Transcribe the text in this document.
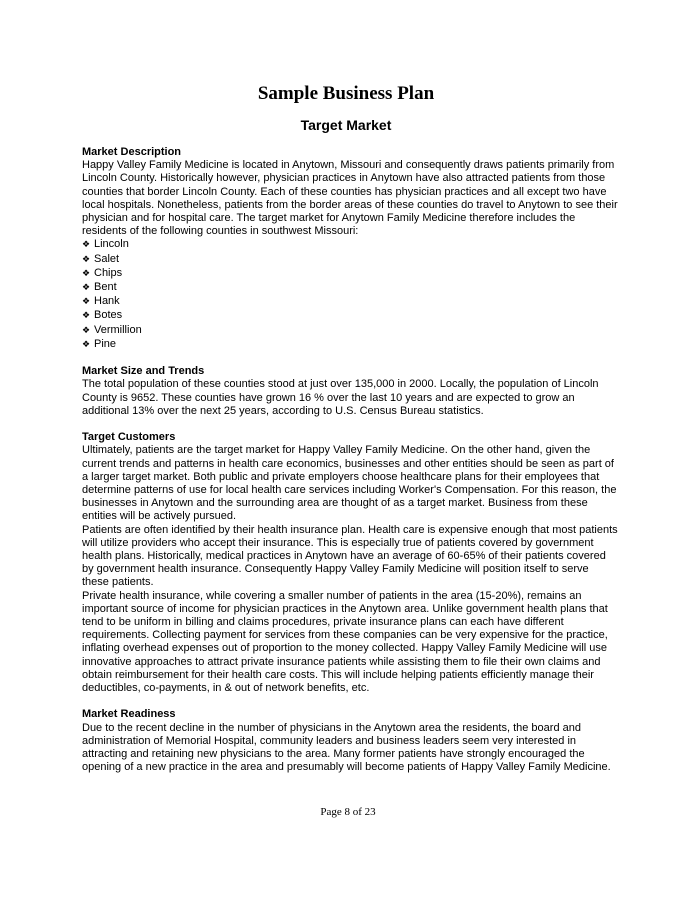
Sample Business Plan
Target Market
Market Description

Happy Valley Family Medicine is located in Anytown, Missouri and consequently draws patients primarily from Lincoln County. Historically however, physician practices in Anytown have also attracted patients from those counties that border Lincoln County. Each of these counties has physician practices and all except two have local hospitals. Nonetheless, patients from the border areas of these counties do travel to Anytown to see their physician and for hospital care. The target market for Anytown Family Medicine therefore includes the residents of the following counties in southwest Missouri:

❖ Lincoln
❖ Salet
❖ Chips
❖ Bent
❖ Hank
❖ Botes
❖ Vermillion
❖ Pine
Market Size and Trends

The total population of these counties stood at just over 135,000 in 2000. Locally, the population of Lincoln County is 9652. These counties have grown 16 % over the last 10 years and are expected to grow an additional 13% over the next 25 years, according to U.S. Census Bureau statistics.

Target Customers

Ultimately, patients are the target market for Happy Valley Family Medicine. On the other hand, given the current trends and patterns in health care economics, businesses and other entities should be seen as part of a larger target market. Both public and private employers choose healthcare plans for their employees that determine patterns of use for local health care services including Worker's Compensation. For this reason, the businesses in Anytown and the surrounding area are thought of as a target market. Business from these entities will be actively pursued.

Patients are often identified by their health insurance plan. Health care is expensive enough that most patients will utilize providers who accept their insurance. This is especially true of patients covered by government health plans. Historically, medical practices in Anytown have an average of 60-65% of their patients covered by government health insurance. Consequently Happy Valley Family Medicine will position itself to serve these patients.

Private health insurance, while covering a smaller number of patients in the area (15-20%), remains an important source of income for physician practices in the Anytown area. Unlike government health plans that tend to be uniform in billing and claims procedures, private insurance plans can each have different requirements. Collecting payment for services from these companies can be very expensive for the practice, inflating overhead expenses out of proportion to the money collected. Happy Valley Family Medicine will use innovative approaches to attract private insurance patients while assisting them to file their own claims and obtain reimbursement for their health care costs. This will include helping patients efficiently manage their deductibles, co-payments, in & out of network benefits, etc.

Market Readiness

Due to the recent decline in the number of physicians in the Anytown area the residents, the board and administration of Memorial Hospital, community leaders and business leaders seem very interested in attracting and retaining new physicians to the area. Many former patients have strongly encouraged the opening of a new practice in the area and presumably will become patients of Happy Valley Family Medicine.

Page 8 of 23
